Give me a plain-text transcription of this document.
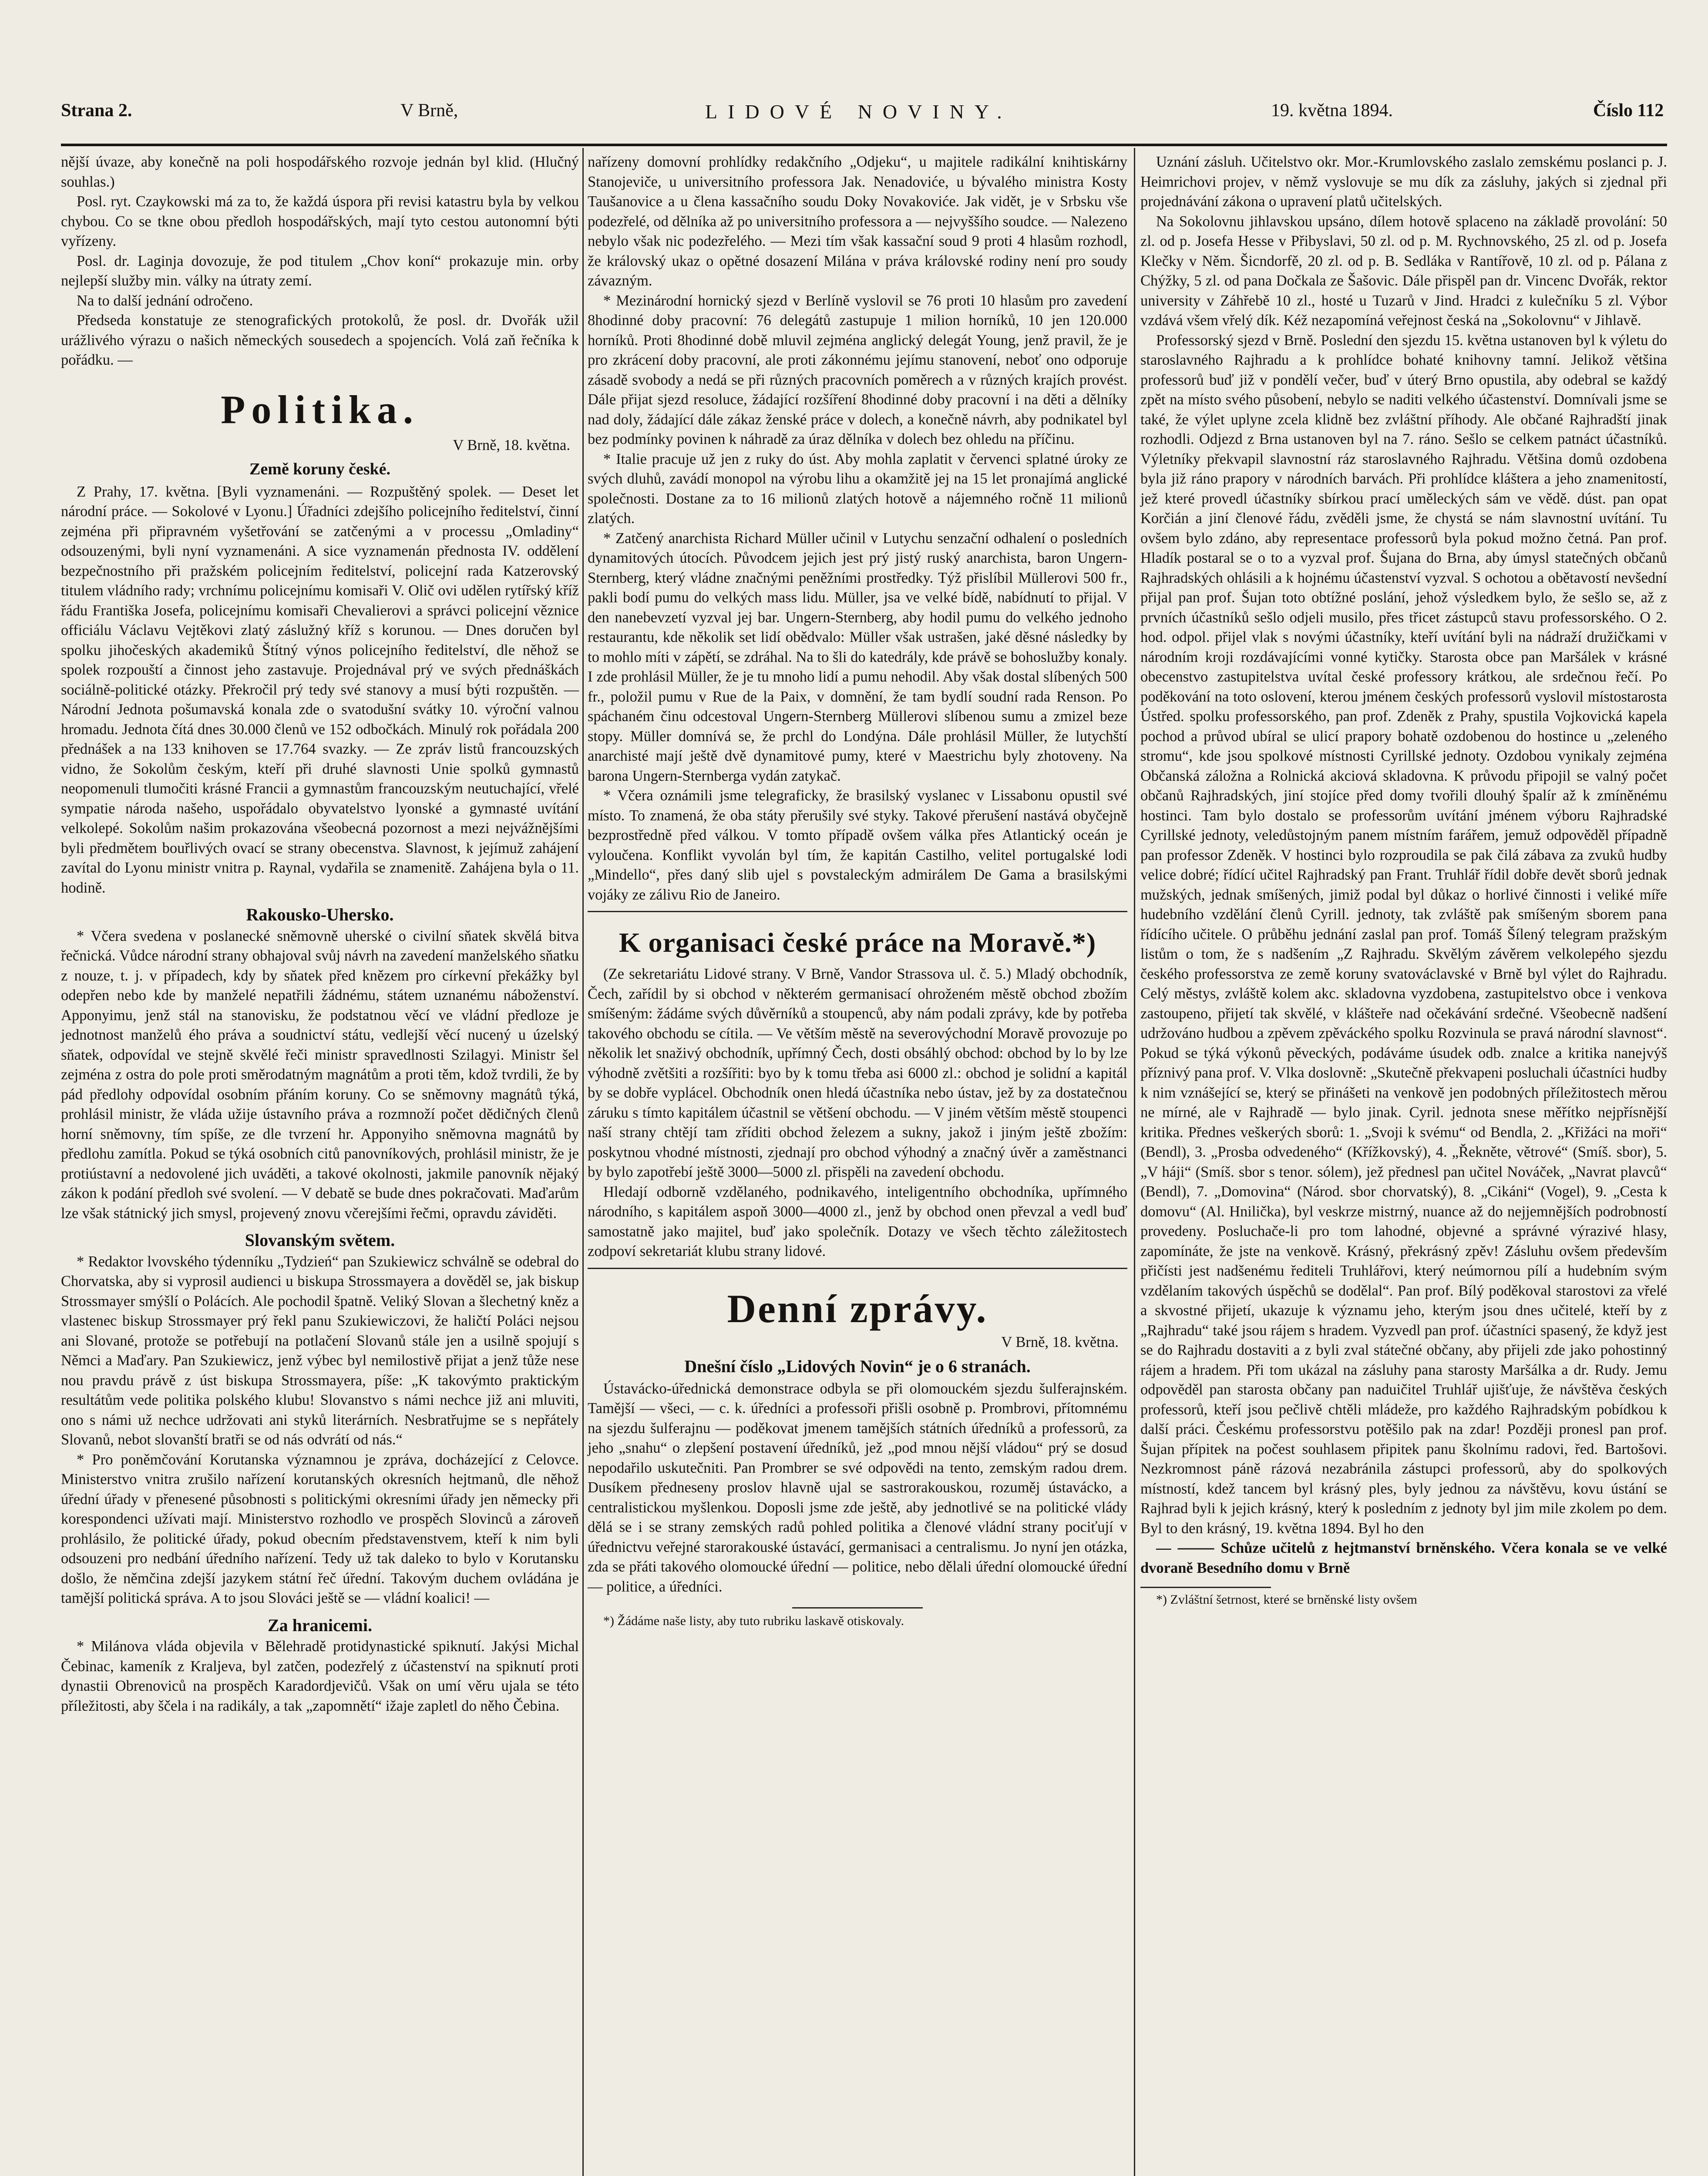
Strana 2.	V Brně,	LIDOVÉ NOVINY.	19. května 1894.	Číslo 112

nější úvaze, aby konečně na poli hospodářského rozvoje jednán byl klid. (Hlučný souhlas.)

Posl. ryt. Czaykowski má za to, že každá úspora při revisi katastru byla by velkou chybou. Co se tkne obou předloh hospodářských, mají tyto cestou autonomní býti vyřízeny.

Posl. dr. Laginja dovozuje, že pod titulem „Chov koní“ prokazuje min. orby nejlepší služby min. války na útraty zemí.

Na to další jednání odročeno.

Předseda konstatuje ze stenografických protokolů, že posl. dr. Dvořák užil urážlivého výrazu o našich německých sousedech a spojencích. Volá zaň řečníka k pořádku. —

Politika.
V Brně, 18. května.
Země koruny české.

Z Prahy, 17. května. [Byli vyznamenáni. — Rozpuštěný spolek. — Deset let národní práce. — Sokolové v Lyonu.] Úřadníci zdejšího policejního ředitelství, činní zejména při připravném vyšetřování se zatčenými a v processu „Omladiny“ odsouzenými, byli nyní vyznamenáni. A sice vyznamenán přednosta IV. oddělení bezpečnostního při pražském policejním ředitelství, policejní rada Katzerovský titulem vládního rady; vrchnímu policejnímu komisaři V. Olič ovi udělen rytířský kříž řádu Františka Josefa, policejnímu komisaři Chevalierovi a správci policejní věznice officiálu Václavu Vejtěkovi zlatý záslužný kříž s korunou. — Dnes doručen byl spolku jihočeských akademiků Štítný výnos policejního ředitelství, dle něhož se spolek rozpouští a činnost jeho zastavuje. Projednával prý ve svých přednáškách sociálně-politické otázky. Překročil prý tedy své stanovy a musí býti rozpuštěn. — Národní Jednota pošumavská konala zde o svatodušní svátky 10. výroční valnou hromadu. Jednota čítá dnes 30.000 členů ve 152 odbočkách. Minulý rok pořádala 200 přednášek a na 133 knihoven se 17.764 svazky. — Ze zpráv listů francouzských vidno, že Sokolům českým, kteří při druhé slavnosti Unie spolků gymnastů neopomenuli tlumočiti krásné Francii a gymnastům francouzským neutuchající, vřelé sympatie národa našeho, uspořádalo obyvatelstvo lyonské a gymnasté uvítání velkolepé. Sokolům našim prokazována všeobecná pozornost a mezi nejvážnějšími byli předmětem bouřlivých ovací se strany obecenstva. Slavnost, k jejímuž zahájení zavítal do Lyonu ministr vnitra p. Raynal, vydařila se znamenitě. Zahájena byla o 11. hodině.

Rakousko-Uhersko.

* Včera svedena v poslanecké sněmovně uherské o civilní sňatek skvělá bitva řečnická. Vůdce národní strany obhajoval svůj návrh na zavedení manželského sňatku z nouze, t. j. v případech, kdy by sňatek před knězem pro církevní překážky byl odepřen nebo kde by manželé nepatřili žádnému, státem uznanému náboženství. Apponyimu, jenž stál na stanovisku, že podstatnou věcí ve vládní předloze je jednotnost manželů ého práva a soudnictví státu, vedlejší věcí nucený u úzelský sňatek, odpovídal ve stejně skvělé řeči ministr spravedlnosti Szilagyi. Ministr šel zejména z ostra do pole proti směrodatným magnátům a proti těm, kdož tvrdili, že by pád předlohy odpovídal osobním přáním koruny. Co se sněmovny magnátů týká, prohlásil ministr, že vláda užije ústavního práva a rozmnoží počet dědičných členů horní sněmovny, tím spíše, ze dle tvrzení hr. Apponyiho sněmovna magnátů by předlohu zamítla. Pokud se týká osobních citů panovníkových, prohlásil ministr, že je protiústavní a nedovolené jich uváděti, a takové okolnosti, jakmile panovník nějaký zákon k podání předloh své svolení. — V debatě se bude dnes pokračovati. Maďarům lze však státnický jich smysl, projevený znovu včerejšími řečmi, opravdu záviděti.

Slovanským světem.

* Redaktor lvovského týdenníku „Tydzień“ pan Szukiewicz schválně se odebral do Chorvatska, aby si vyprosil audienci u biskupa Strossmayera a dověděl se, jak biskup Strossmayer smýšlí o Polácích. Ale pochodil špatně. Veliký Slovan a šlechetný kněz a vlastenec biskup Strossmayer prý řekl panu Szukiewiczovi, že haličtí Poláci nejsou ani Slované, protože se potřebují na potlačení Slovanů stále jen a usilně spojují s Němci a Maďary. Pan Szukiewicz, jenž výbec byl nemilostivě přijat a jenž tůže nese nou pravdu právě z úst biskupa Strossmayera, píše: „K takovýmto praktickým resultátům vede politika polského klubu! Slovanstvo s námi nechce již ani mluviti, ono s námi už nechce udržovati ani styků literárních. Nesbratřujme se s nepřátely Slovanů, nebot slovanští bratři se od nás odvrátí od nás.“

* Pro poněmčování Korutanska významnou je zpráva, docházející z Celovce. Ministerstvo vnitra zrušilo nařízení korutanských okresních hejtmanů, dle něhož úřední úřady v přenesené působnosti s politickými okresními úřady jen německy při korespondenci užívati mají. Ministerstvo rozhodlo ve prospěch Slovinců a zároveň prohlásilo, že politické úřady, pokud obecním představenstvem, kteří k nim byli odsouzeni pro nedbání úředního nařízení. Tedy už tak daleko to bylo v Korutansku došlo, že němčina zdejší jazykem státní řeč úřední. Takovým duchem ovládána je tamější politická správa. A to jsou Slováci ještě se — vládní koalici! —

Za hranicemi.

* Milánova vláda objevila v Bělehradě protidynastické spiknutí. Jakýsi Michal Čebinac, kameník z Kraljeva, byl zatčen, podezřelý z účastenství na spiknutí proti dynastii Obrenoviců na prospěch Karadordjevičů. Však on umí věru ujala se této příležitosti, aby ščela i na radikály, a tak „zapomnětí“ ižaje zapletl do něho Čebina.

nařízeny domovní prohlídky redakčního „Odjeku“, u majitele radikální knihtiskárny Stanojeviče, u universitního professora Jak. Nenadoviće, u bývalého ministra Kosty Taušanovice a u člena kassačního soudu Doky Novakoviće. Jak vidět, je v Srbsku vše podezřelé, od dělníka až po universitního professora a — nejvyššího soudce. — Nalezeno nebylo však nic podezřelého. — Mezi tím však kassační soud 9 proti 4 hlasům rozhodl, že královský ukaz o opětné dosazení Milána v práva královské rodiny není pro soudy závazným.

* Mezinárodní hornický sjezd v Berlíně vyslovil se 76 proti 10 hlasům pro zavedení 8hodinné doby pracovní: 76 delegátů zastupuje 1 milion horníků, 10 jen 120.000 horníků. Proti 8hodinné době mluvil zejména anglický delegát Young, jenž pravil, že je pro zkrácení doby pracovní, ale proti zákonnému jejímu stanovení, neboť ono odporuje zásadě svobody a nedá se při různých pracovních poměrech a v různých krajích provést. Dále přijat sjezd resoluce, žádající rozšíření 8hodinné doby pracovní i na děti a dělníky nad doly, žádající dále zákaz ženské práce v dolech, a konečně návrh, aby podnikatel byl bez podmínky povinen k náhradě za úraz dělníka v dolech bez ohledu na příčinu.

* Italie pracuje už jen z ruky do úst. Aby mohla zaplatit v červenci splatné úroky ze svých dluhů, zavádí monopol na výrobu lihu a okamžitě jej na 15 let pronajímá anglické společnosti. Dostane za to 16 milionů zlatých hotově a nájemného ročně 11 milionů zlatých.

* Zatčený anarchista Richard Müller učinil v Lutychu senzační odhalení o posledních dynamitových útocích. Původcem jejich jest prý jistý ruský anarchista, baron Ungern-Sternberg, který vládne značnými peněžními prostředky. Týž přislíbil Müllerovi 500 fr., pakli bodí pumu do velkých mass lidu. Müller, jsa ve velké bídě, nabídnutí to přijal. V den nanebevzetí vyzval jej bar. Ungern-Sternberg, aby hodil pumu do velkého jednoho restaurantu, kde několik set lidí obědvalo: Müller však ustrašen, jaké děsné následky by to mohlo míti v zápětí, se zdráhal. Na to šli do katedrály, kde právě se bohoslužby konaly. I zde prohlásil Müller, že je tu mnoho lidí a pumu nehodil. Aby však dostal slíbených 500 fr., položil pumu v Rue de la Paix, v domnění, že tam bydlí soudní rada Renson. Po spáchaném činu odcestoval Ungern-Sternberg Müllerovi slíbenou sumu a zmizel beze stopy. Müller domnívá se, že prchl do Londýna. Dále prohlásil Müller, že lutychští anarchisté mají ještě dvě dynamitové pumy, které v Maestrichu byly zhotoveny. Na barona Ungern-Sternberga vydán zatykač.

* Včera oznámili jsme telegraficky, že brasilský vyslanec v Lissabonu opustil své místo. To znamená, že oba státy přerušily své styky. Takové přerušení nastává obyčejně bezprostředně před válkou. V tomto případě ovšem válka přes Atlantický oceán je vyloučena. Konflikt vyvolán byl tím, že kapitán Castilho, velitel portugalské lodi „Mindello“, přes daný slib ujel s povstaleckým admirálem De Gama a brasilskými vojáky ze zálivu Rio de Janeiro.

K organisaci české práce na Moravě.*)

(Ze sekretariátu Lidové strany. V Brně, Vandor Strassova ul. č. 5.) Mladý obchodník, Čech, zařídil by si obchod v některém germanisací ohroženém městě obchod zbožím smíšeným: žádáme svých důvěrníků a stoupenců, aby nám podali zprávy, kde by potřeba takového obchodu se cítila. — Ve větším městě na severovýchodní Moravě provozuje po několik let snaživý obchodník, upřímný Čech, dosti obsáhlý obchod: obchod by lo by lze výhodně zvětšiti a rozšířiti: byo by k tomu třeba asi 6000 zl.: obchod je solidní a kapitál by se dobře vyplácel. Obchodník onen hledá účastníka nebo ústav, jež by za dostatečnou záruku s tímto kapitálem účastnil se většení obchodu. — V jiném větším městě stoupenci naší strany chtějí tam zříditi obchod železem a sukny, jakož i jiným ještě zbožím: poskytnou vhodné místnosti, zjednají pro obchod výhodný a značný úvěr a zaměstnanci by bylo zapotřebí ještě 3000—5000 zl. přispěli na zavedení obchodu.

Hledají odborně vzdělaného, podnikavého, inteligentního obchodníka, upřímného národního, s kapitálem aspoň 3000—4000 zl., jenž by obchod onen převzal a vedl buď samostatně jako majitel, buď jako společník. Dotazy ve všech těchto záležitostech zodpoví sekretariát klubu strany lidové.

Denní zprávy.
V Brně, 18. května.
Dnešní číslo „Lidových Novin“ je o 6 stranách.

Ústavácko-úřednická demonstrace odbyla se při olomouckém sjezdu šulferajnském. Tamější — všeci, — c. k. úředníci a professoři přišli osobně p. Prombrovi, přítomnému na sjezdu šulferajnu — poděkovat jmenem tamějších státních úředníků a professorů, za jeho „snahu“ o zlepšení postavení úředníků, jež „pod mnou nější vládou“ prý se dosud nepodařilo uskutečniti. Pan Prombrer se své odpovědi na tento, zemským radou drem. Dusíkem předneseny proslov hlavně ujal se sastrorakouskou, rozuměj ústavácko, a centralistickou myšlenkou. Doposli jsme zde ještě, aby jednotlivé se na politické vlády dělá se i se strany zemských radů pohled politika a členové vládní strany pociťují v úřednictvu veřejné starorakouské ústavácí, germanisaci a centralismu. Jo nyní jen otázka, zda se přáti takového olomoucké úřední — politice, nebo dělali úřední olomoucké úřední — politice, a úředníci.

*) Žádáme naše listy, aby tuto rubriku laskavě otiskovaly.

Uznání zásluh. Učitelstvo okr. Mor.-Krumlovského zaslalo zemskému poslanci p. J. Heimrichovi projev, v němž vyslovuje se mu dík za zásluhy, jakých si zjednal při projednávání zákona o upravení platů učitelských.

Na Sokolovnu jihlavskou upsáno, dílem hotově splaceno na základě provolání: 50 zl. od p. Josefa Hesse v Přibyslavi, 50 zl. od p. M. Rychnovského, 25 zl. od p. Josefa Klečky v Něm. Šicndorfě, 20 zl. od p. B. Sedláka v Rantířově, 10 zl. od p. Pálana z Chýžky, 5 zl. od pana Dočkala ze Šašovic. Dále přispěl pan dr. Vincenc Dvořák, rektor university v Záhřebě 10 zl., hosté u Tuzarů v Jind. Hradci z kulečníku 5 zl. Výbor vzdává všem vřelý dík. Kéž nezapomíná veřejnost česká na „Sokolovnu“ v Jihlavě.

Professorský sjezd v Brně. Poslední den sjezdu 15. května ustanoven byl k výletu do staroslavného Rajhradu a k prohlídce bohaté knihovny tamní. Jelikož většina professorů buď již v pondělí večer, buď v úterý Brno opustila, aby odebral se každý zpět na místo svého působení, nebylo se naditi velkého účastenství. Domnívali jsme se také, že výlet uplyne zcela klidně bez zvláštní příhody. Ale občané Rajhradští jinak rozhodli. Odjezd z Brna ustanoven byl na 7. ráno. Sešlo se celkem patnáct účastníků. Výletníky překvapil slavnostní ráz staroslavného Rajhradu. Většina domů ozdobena byla již ráno prapory v národních barvách. Při prohlídce kláštera a jeho znamenitostí, jež které provedl účastníky sbírkou prací uměleckých sám ve vědě. dúst. pan opat Korčián a jiní členové řádu, zvěděli jsme, že chystá se nám slavnostní uvítání. Tu ovšem bylo zdáno, aby representace professorů byla pokud možno četná. Pan prof. Hladík postaral se o to a vyzval prof. Šujana do Brna, aby úmysl statečných občanů Rajhradských ohlásili a k hojnému účastenství vyzval. S ochotou a obětavostí nevšední přijal pan prof. Šujan toto obtížné poslání, jehož výsledkem bylo, že sešlo se, až z prvních účastníků sešlo odjeli musilo, přes třicet zástupců stavu professorského. O 2. hod. odpol. přijel vlak s novými účastníky, kteří uvítání byli na nádraží družičkami v národním kroji rozdávajícími vonné kytičky. Starosta obce pan Maršálek v krásné obecenstvo zastupitelstva uvítal české professory krátkou, ale srdečnou řečí. Po poděkování na toto oslovení, kterou jménem českých professorů vyslovil místostarosta Ústřed. spolku professorského, pan prof. Zdeněk z Prahy, spustila Vojkovická kapela pochod a průvod ubíral se ulicí prapory bohatě ozdobenou do hostince u „zeleného stromu“, kde jsou spolkové místnosti Cyrillské jednoty. Ozdobou vynikaly zejména Občanská záložna a Rolnická akciová skladovna. K průvodu připojil se valný počet občanů Rajhradských, jiní stojíce před domy tvořili dlouhý špalír až k zmíněnému hostinci. Tam bylo dostalo se professorům uvítání jménem výboru Rajhradské Cyrillské jednoty, veledůstojným panem místním farářem, jemuž odpověděl případně pan professor Zdeněk. V hostinci bylo rozproudila se pak čilá zábava za zvuků hudby velice dobré; řídící učitel Rajhradský pan Frant. Truhlář řídil dobře devět sborů jednak mužských, jednak smíšených, jimiž podal byl důkaz o horlivé činnosti i veliké míře hudebního vzdělání členů Cyrill. jednoty, tak zvláště pak smíšeným sborem pana řídícího učitele. O průběhu jednání zaslal pan prof. Tomáš Šílený telegram pražským listům o tom, že s nadšením „Z Rajhradu. Skvělým závěrem velkolepého sjezdu českého professorstva ze země koruny svatováclavské v Brně byl výlet do Rajhradu. Celý městys, zvláště kolem akc. skladovna vyzdobena, zastupitelstvo obce i venkova zastoupeno, přijetí tak skvělé, v klášteře nad očekávání srdečné. Všeobecně nadšení udržováno hudbou a zpěvem zpěváckého spolku Rozvinula se pravá národní slavnost“. Pokud se týká výkonů pěveckých, podáváme úsudek odb. znalce a kritika nanejvýš příznivý pana prof. V. Vlka doslovně: „Skutečně překvapeni posluchali účastníci hudby k nim vznášející se, který se přinášeti na venkově jen podobných příležitostech měrou ne mírné, ale v Rajhradě — bylo jinak. Cyril. jednota snese měřítko nejpřísnější kritika. Přednes veškerých sborů: 1. „Svoji k svému“ od Bendla, 2. „Křižáci na moři“ (Bendl), 3. „Prosba odvedeného“ (Křížkovský), 4. „Řekněte, větrové“ (Smíš. sbor), 5. „V háji“ (Smíš. sbor s tenor. sólem), jež přednesl pan učitel Nováček, „Navrat plavců“ (Bendl), 7. „Domovina“ (Národ. sbor chorvatský), 8. „Cikáni“ (Vogel), 9. „Cesta k domovu“ (Al. Hnilička), byl veskrze mistrný, nuance až do nejjemnějších podrobností provedeny. Posluchače-li pro tom lahodné, objevné a správné výrazivé hlasy, zapomínáte, že jste na venkově. Krásný, překrásný zpěv! Zásluhu ovšem především přičísti jest nadšenému řediteli Truhlářovi, který neúmornou pílí a hudebním svým vzdělaním takových úspěchů se dodělal“. Pan prof. Bílý poděkoval starostovi za vřelé a skvostné přijetí, ukazuje k významu jeho, kterým jsou dnes učitelé, kteří by z „Rajhradu“ také jsou rájem s hradem. Vyzvedl pan prof. účastníci spasený, že když jest se do Rajhradu dostaviti a z byli zval státečné občany, aby přijeli zde jako pohostinný rájem a hradem. Při tom ukázal na zásluhy pana starosty Maršálka a dr. Rudy. Jemu odpověděl pan starosta občany pan naduičitel Truhlář ujišťuje, že návštěva českých professorů, kteří jsou pečlivě chtěli mládeže, pro každého Rajhradským pobídkou k další práci. Českému professorstvu potěšilo pak na zdar! Později pronesl pan prof. Šujan přípitek na počest souhlasem připitek panu školnímu radovi, řed. Bartošovi. Nezkromnost páně rázová nezabránila zástupci professorů, aby do spolkových místností, kdež tancem byl krásný ples, byly jednou za návštěvu, kovu ústání se Rajhrad byli k jejich krásný, který k posledním z jednoty byl jim mile zkolem po dem. Byl to den krásný, 19. května 1894. Byl ho den

— ⸻ Schůze učitelů z hejtmanství brněnského. Včera konala se ve velké dvoraně Besedního domu v Brně

*) Zvláštní šetrnost, které se brněnské listy ovšem
